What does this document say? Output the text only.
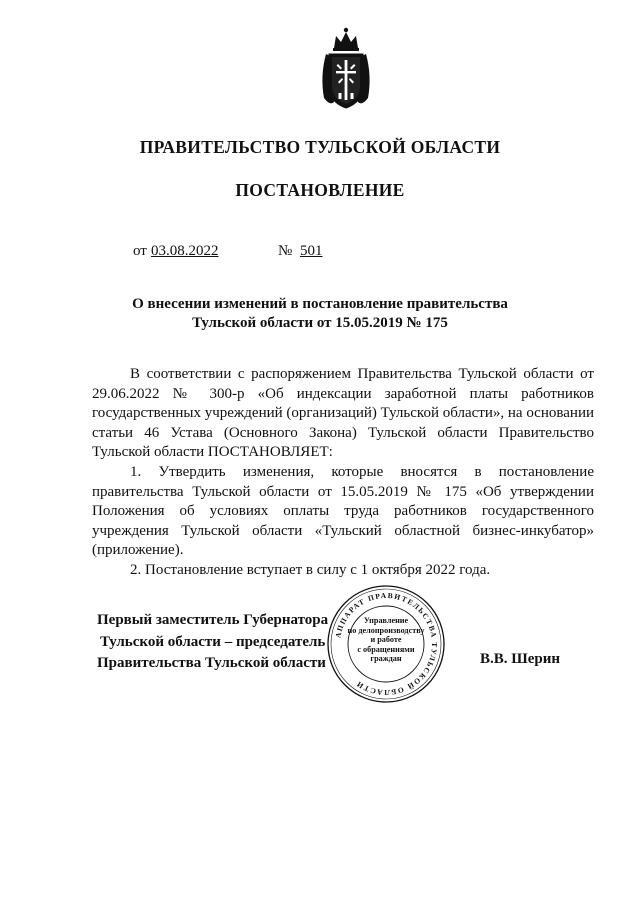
ПРАВИТЕЛЬСТВО ТУЛЬСКОЙ ОБЛАСТИ
ПОСТАНОВЛЕНИЕ
от 03.08.2022	№ 501
О внесении изменений в постановление правительства
Тульской области от 15.05.2019 № 175

В соответствии с распоряжением Правительства Тульской области от 29.06.2022 № 300-р «Об индексации заработной платы работников государственных учреждений (организаций) Тульской области», на основании статьи 46 Устава (Основного Закона) Тульской области Правительство Тульской области ПОСТАНОВЛЯЕТ:

1. Утвердить изменения, которые вносятся в постановление правительства Тульской области от 15.05.2019 № 175 «Об утверждении Положения об условиях оплаты труда работников государственного учреждения Тульской области «Тульский областной бизнес-инкубатор» (приложение).

2. Постановление вступает в силу с 1 октября 2022 года.

Первый заместитель Губернатора
Тульской области – председатель
Правительства Тульской области	В.В. Шерин
АППАРАТ ПРАВИТЕЛЬСТВА ТУЛЬСКОЙ ОБЛАСТИ
Управление
по делопроизводству
и работе
с обращениями
граждан
